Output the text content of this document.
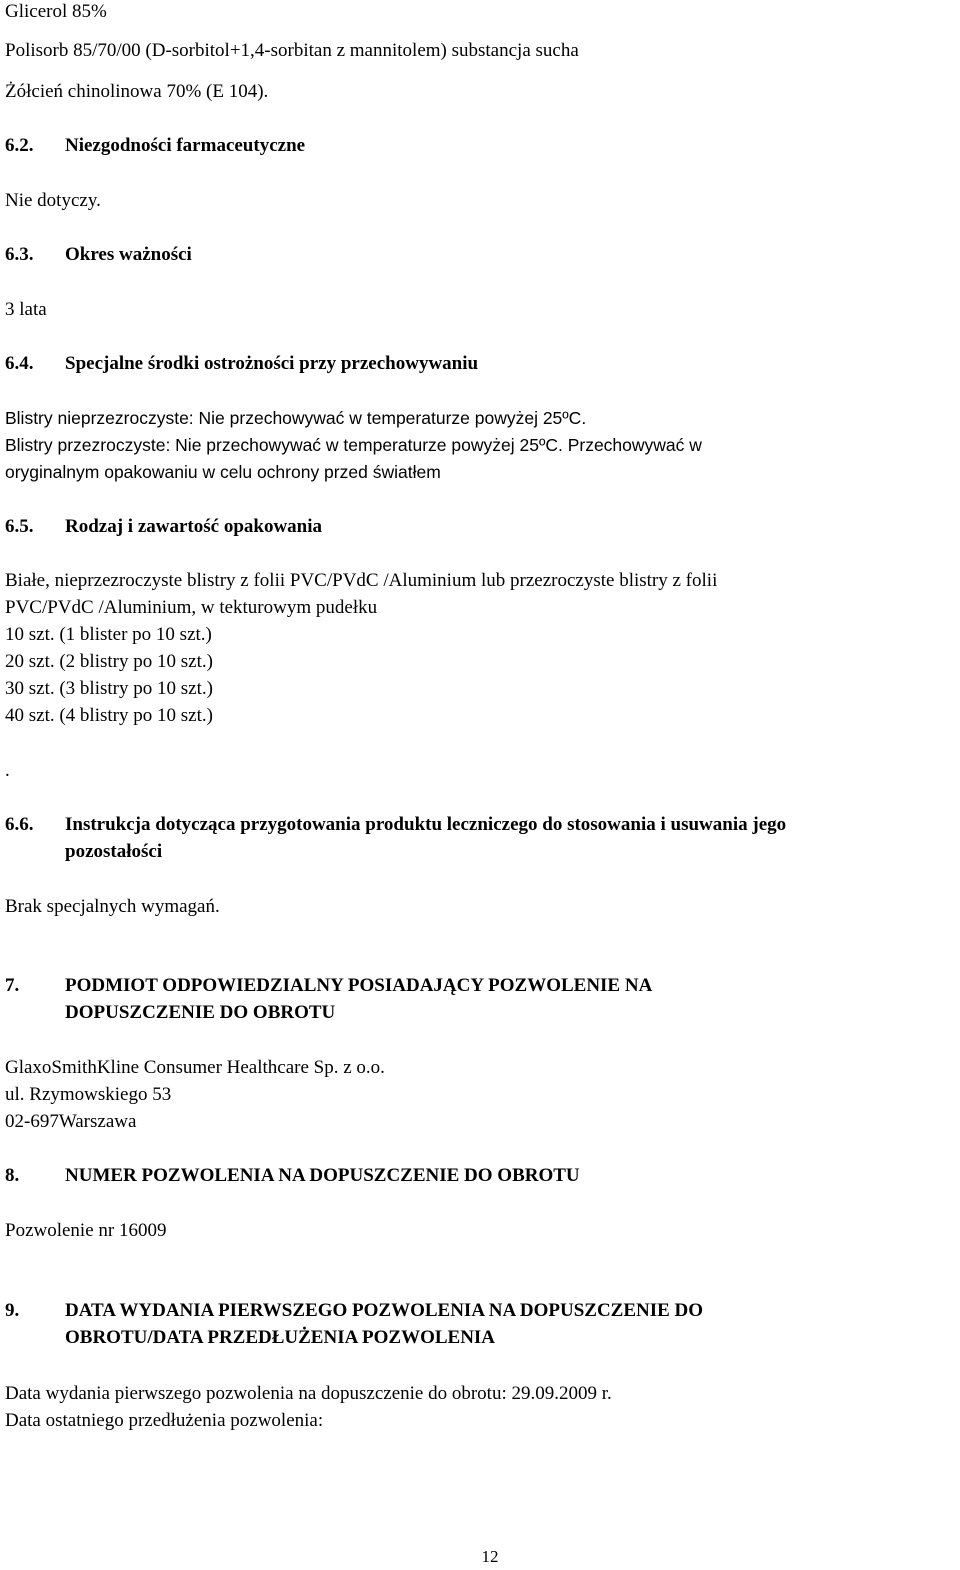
Glicerol 85%
Polisorb 85/70/00 (D-sorbitol+1,4-sorbitan z mannitolem) substancja sucha
Żółcień chinolinowa 70% (E 104).
6.2. Niezgodności farmaceutyczne
Nie dotyczy.
6.3. Okres ważności
3 lata
6.4. Specjalne środki ostrożności przy przechowywaniu
Blistry nieprzezroczyste: Nie przechowywać w temperaturze powyżej 25ºC.
Blistry przezroczyste: Nie przechowywać w temperaturze powyżej 25ºC. Przechowywać w
oryginalnym opakowaniu w celu ochrony przed światłem
6.5. Rodzaj i zawartość opakowania
Białe, nieprzezroczyste blistry z folii PVC/PVdC /Aluminium lub przezroczyste blistry z folii
PVC/PVdC /Aluminium, w tekturowym pudełku
10 szt. (1 blister po 10 szt.)
20 szt. (2 blistry po 10 szt.)
30 szt. (3 blistry po 10 szt.)
40 szt. (4 blistry po 10 szt.)
.
6.6. Instrukcja dotycząca przygotowania produktu leczniczego do stosowania i usuwania jego
pozostałości
Brak specjalnych wymagań.
7. PODMIOT ODPOWIEDZIALNY POSIADAJĄCY POZWOLENIE NA
DOPUSZCZENIE DO OBROTU
GlaxoSmithKline Consumer Healthcare Sp. z o.o.
ul. Rzymowskiego 53
02-697Warszawa
8. NUMER POZWOLENIA NA DOPUSZCZENIE DO OBROTU
Pozwolenie nr 16009
9. DATA WYDANIA PIERWSZEGO POZWOLENIA NA DOPUSZCZENIE DO
OBROTU/DATA PRZEDŁUŻENIA POZWOLENIA
Data wydania pierwszego pozwolenia na dopuszczenie do obrotu: 29.09.2009 r.
Data ostatniego przedłużenia pozwolenia:
12
